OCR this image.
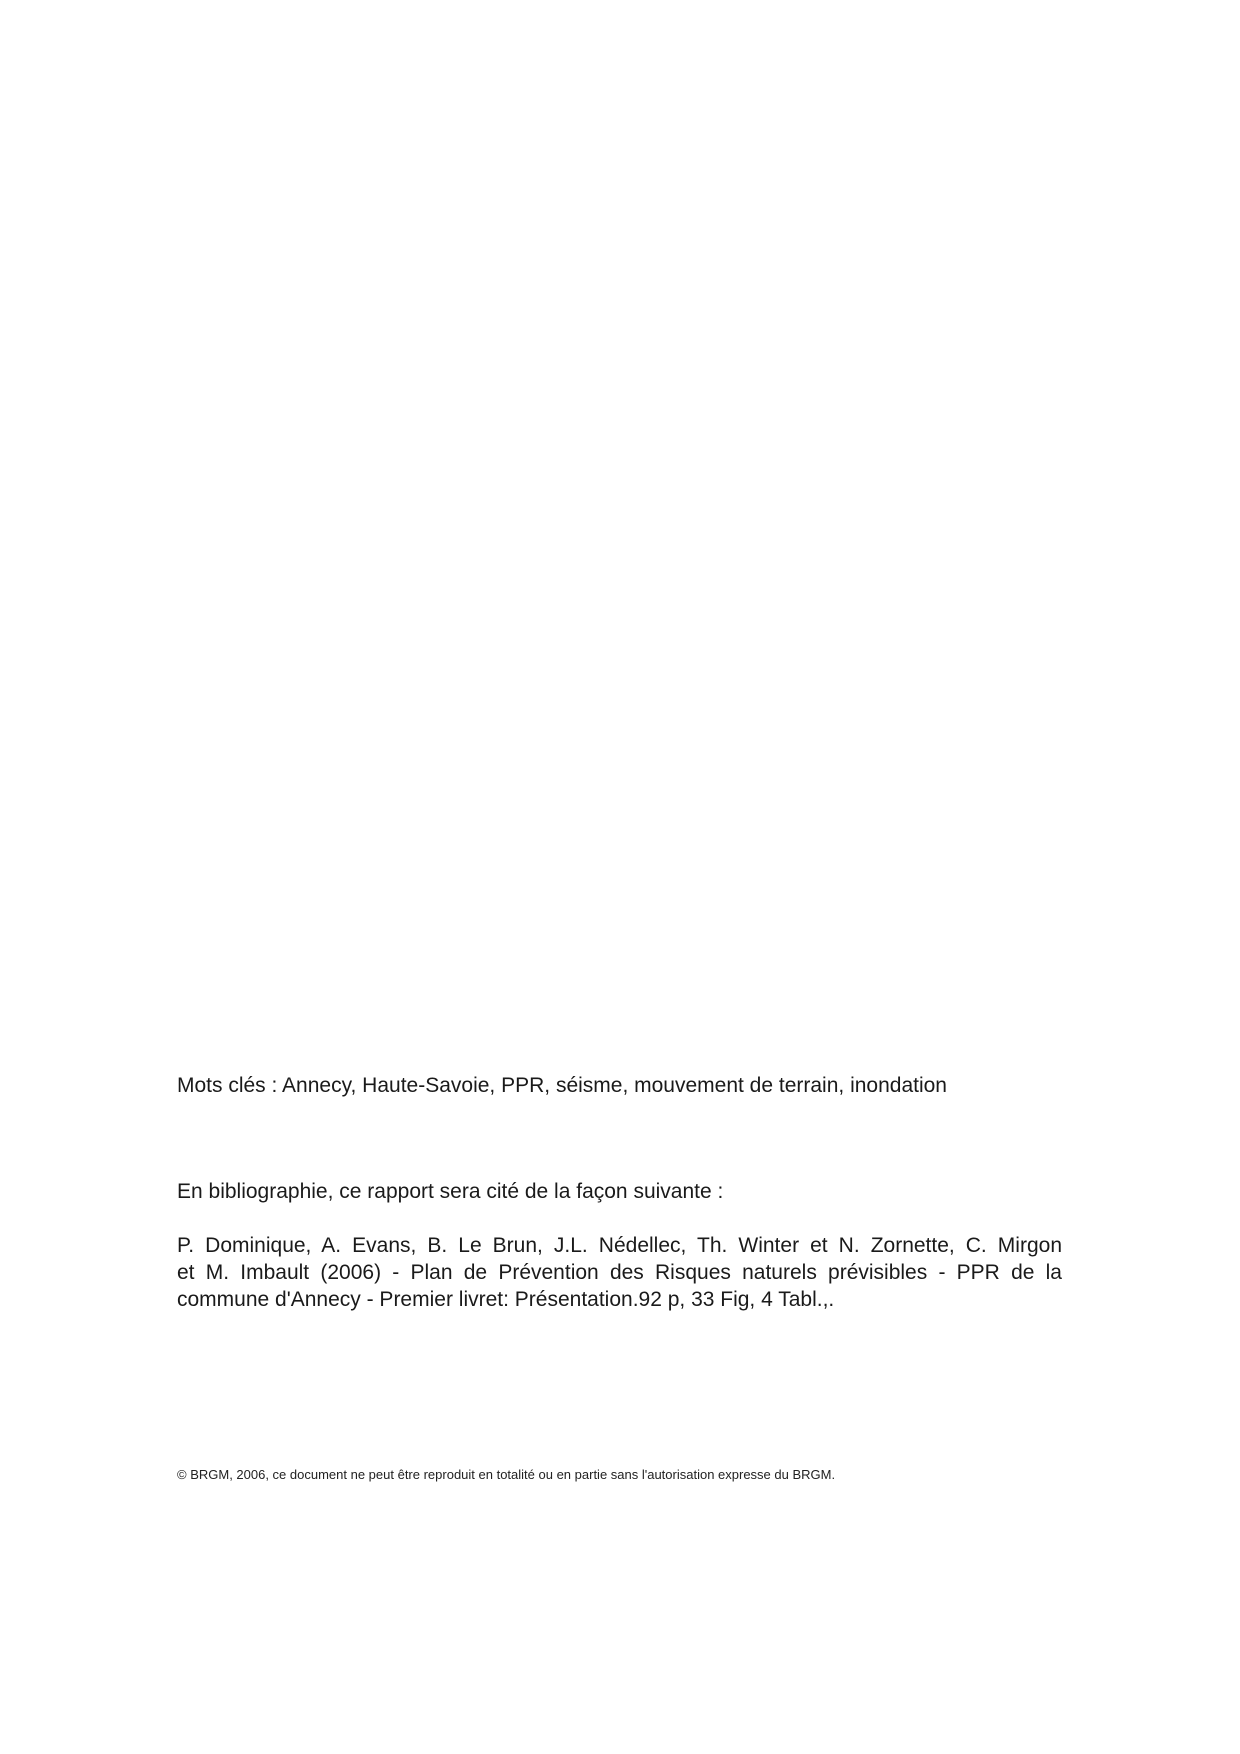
Mots clés : Annecy, Haute-Savoie, PPR, séisme, mouvement de terrain, inondation
En bibliographie, ce rapport sera cité de la façon suivante :
P. Dominique, A. Evans, B. Le Brun, J.L. Nédellec, Th. Winter et N. Zornette, C. Mirgon
et M. Imbault (2006) - Plan de Prévention des Risques naturels prévisibles - PPR de la
commune d'Annecy - Premier livret: Présentation.92 p, 33 Fig, 4 Tabl.,.
© BRGM, 2006, ce document ne peut être reproduit en totalité ou en partie sans l'autorisation expresse du BRGM.
